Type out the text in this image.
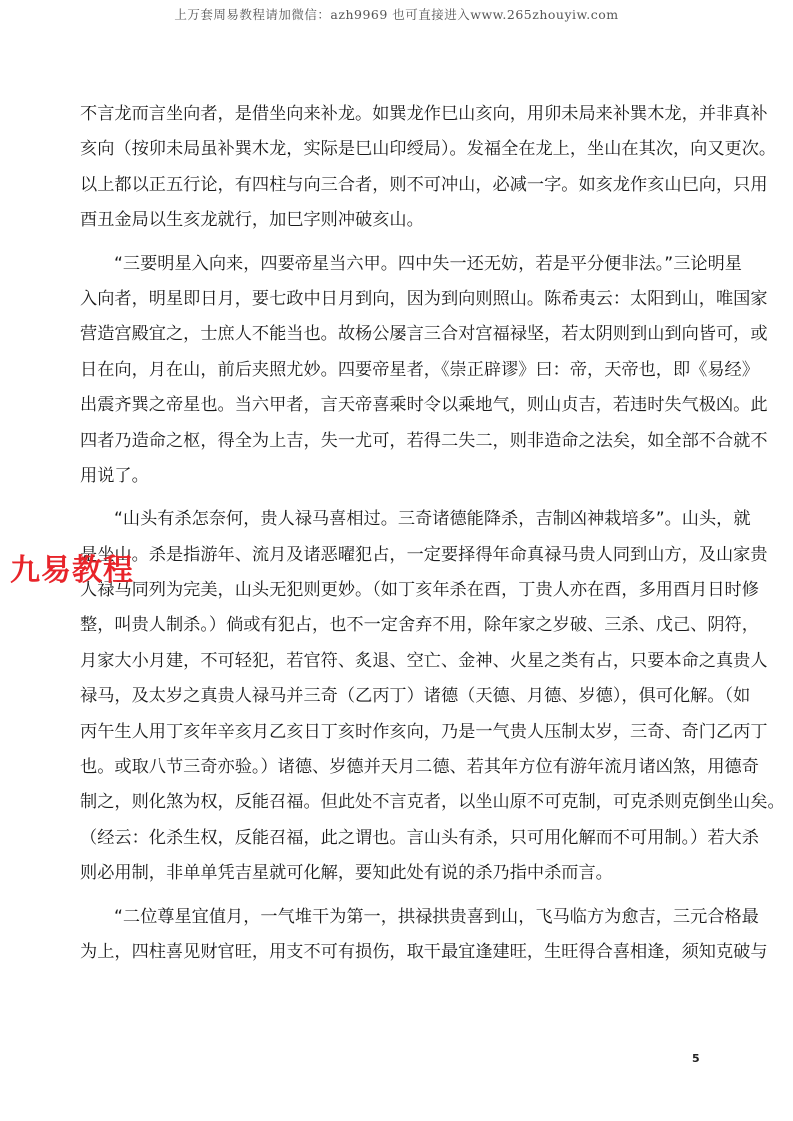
上万套周易教程请加微信：azh9969 也可直接进入www.265zhouyiw.com
不言龙而言坐向者，是借坐向来补龙。如巽龙作巳山亥向，用卯未局来补巽木龙，并非真补
亥向（按卯未局虽补巽木龙，实际是巳山印绶局）。发福全在龙上，坐山在其次，向又更次。
以上都以正五行论，有四柱与向三合者，则不可冲山，必减一字。如亥龙作亥山巳向，只用
酉丑金局以生亥龙就行，加巳字则冲破亥山。
“三要明星入向来，四要帝星当六甲。四中失一还无妨，若是平分便非法。”三论明星
入向者，明星即日月，要七政中日月到向，因为到向则照山。陈希夷云：太阳到山，唯国家
营造宫殿宜之，士庶人不能当也。故杨公屡言三合对宫福禄坚，若太阴则到山到向皆可，或
日在向，月在山，前后夹照尤妙。四要帝星者，《崇正辟谬》曰：帝，天帝也，即《易经》
出震齐巽之帝星也。当六甲者，言天帝喜乘时令以乘地气，则山贞吉，若违时失气极凶。此
四者乃造命之枢，得全为上吉，失一尤可，若得二失二，则非造命之法矣，如全部不合就不
用说了。
“山头有杀怎奈何，贵人禄马喜相过。三奇诸德能降杀，吉制凶神栽培多”。山头，就
是坐山。杀是指游年、流月及诸恶曜犯占，一定要择得年命真禄马贵人同到山方，及山家贵
人禄马同列为完美，山头无犯则更妙。（如丁亥年杀在酉，丁贵人亦在酉，多用酉月日时修
整，叫贵人制杀。）倘或有犯占，也不一定舍弃不用，除年家之岁破、三杀、戊己、阴符，
月家大小月建，不可轻犯，若官符、炙退、空亡、金神、火星之类有占，只要本命之真贵人
禄马，及太岁之真贵人禄马并三奇（乙丙丁）诸德（天德、月德、岁德），俱可化解。（如
丙午生人用丁亥年辛亥月乙亥日丁亥时作亥向，乃是一气贵人压制太岁，三奇、奇门乙丙丁
也。或取八节三奇亦验。）诸德、岁德并天月二德、若其年方位有游年流月诸凶煞，用德奇
制之，则化煞为权，反能召福。但此处不言克者，以坐山原不可克制，可克杀则克倒坐山矣。
（经云：化杀生权，反能召福，此之谓也。言山头有杀，只可用化解而不可用制。）若大杀
则必用制，非单单凭吉星就可化解，要知此处有说的杀乃指中杀而言。
“二位尊星宜值月，一气堆干为第一，拱禄拱贵喜到山，飞马临方为愈吉，三元合格最
为上，四柱喜见财官旺，用支不可有损伤，取干最宜逢建旺，生旺得合喜相逢，须知克破与
九易教程
5
